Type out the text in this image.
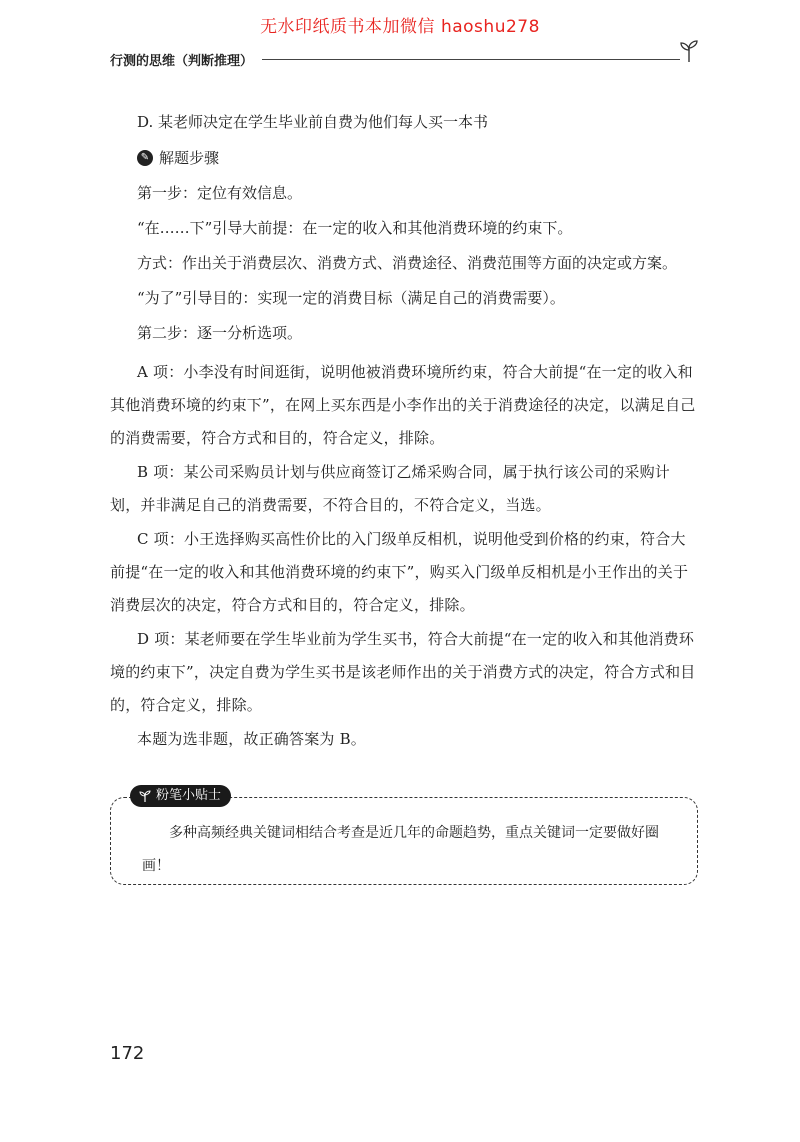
无水印纸质书本加微信 haoshu278
行测的思维（判断推理）

D. 某老师决定在学生毕业前自费为他们每人买一本书

✎ 解题步骤

第一步：定位有效信息。

“在……下”引导大前提：在一定的收入和其他消费环境的约束下。

方式：作出关于消费层次、消费方式、消费途径、消费范围等方面的决定或方案。

“为了”引导目的：实现一定的消费目标（满足自己的消费需要）。

第二步：逐一分析选项。

A 项：小李没有时间逛街，说明他被消费环境所约束，符合大前提“在一定的收入和其他消费环境的约束下”，在网上买东西是小李作出的关于消费途径的决定，以满足自己的消费需要，符合方式和目的，符合定义，排除。

B 项：某公司采购员计划与供应商签订乙烯采购合同，属于执行该公司的采购计划，并非满足自己的消费需要，不符合目的，不符合定义，当选。

C 项：小王选择购买高性价比的入门级单反相机，说明他受到价格的约束，符合大前提“在一定的收入和其他消费环境的约束下”，购买入门级单反相机是小王作出的关于消费层次的决定，符合方式和目的，符合定义，排除。

D 项：某老师要在学生毕业前为学生买书，符合大前提“在一定的收入和其他消费环境的约束下”，决定自费为学生买书是该老师作出的关于消费方式的决定，符合方式和目的，符合定义，排除。

本题为选非题，故正确答案为 B。

粉笔小贴士
多种高频经典关键词相结合考查是近几年的命题趋势，重点关键词一定要做好圈画！
172
